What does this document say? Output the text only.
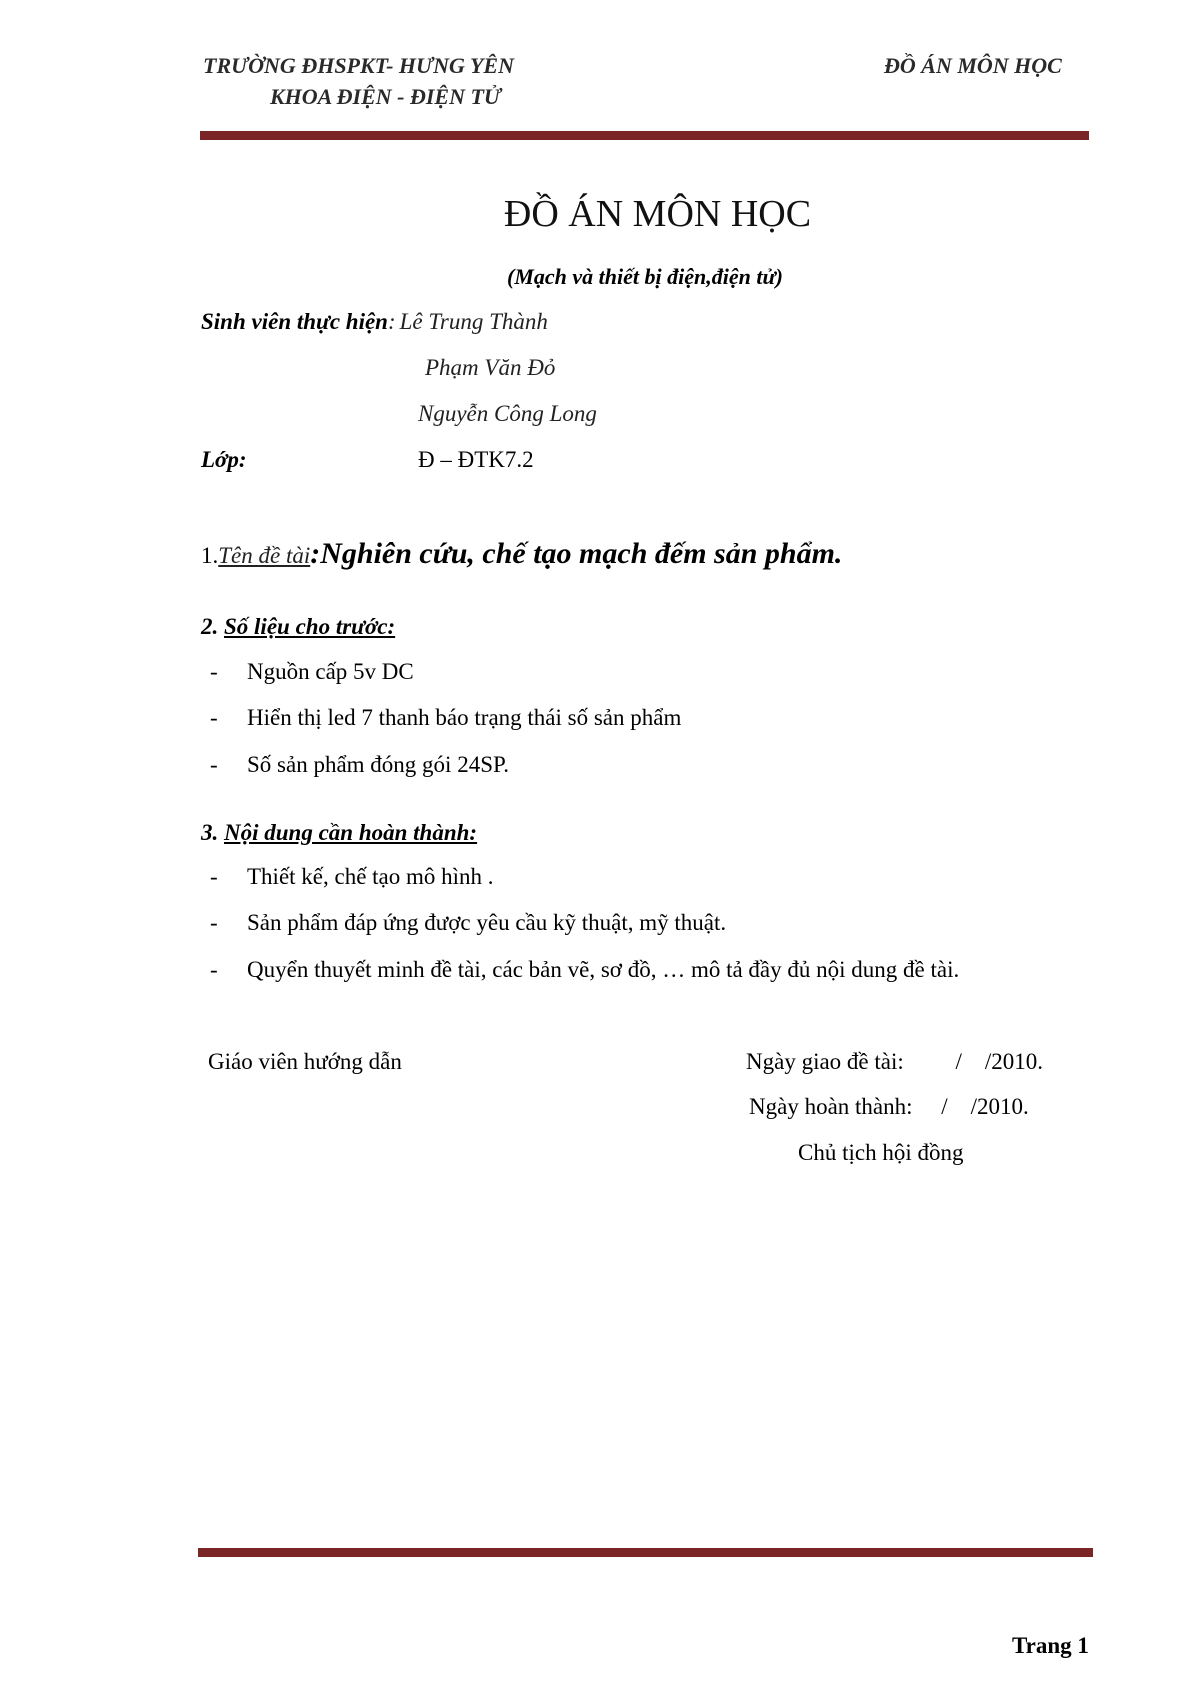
TRƯỜNG ĐHSPKT- HƯNG YÊN
KHOA ĐIỆN - ĐIỆN TỬ
ĐỒ ÁN MÔN HỌC
ĐỒ ÁN MÔN HỌC
(Mạch và thiết bị điện,điện tử)
Sinh viên thực hiện: Lê Trung Thành
Phạm Văn Đỏ
Nguyễn Công Long
Lớp:	Đ – ĐTK7.2
1.Tên đề tài:Nghiên cứu, chế tạo mạch đếm sản phẩm.
2. Số liệu cho trước:
- Nguồn cấp 5v DC
- Hiển thị led 7 thanh báo trạng thái số sản phẩm
- Số sản phẩm đóng gói 24SP.
3. Nội dung cần hoàn thành:
- Thiết kế, chế tạo mô hình .
- Sản phẩm đáp ứng được yêu cầu kỹ thuật, mỹ thuật.
- Quyển thuyết minh đề tài, các bản vẽ, sơ đồ, … mô tả đầy đủ nội dung đề tài.
Giáo viên hướng dẫn	Ngày giao đề tài:         /    /2010.
Ngày hoàn thành:     /    /2010.
Chủ tịch hội đồng
Trang 1
